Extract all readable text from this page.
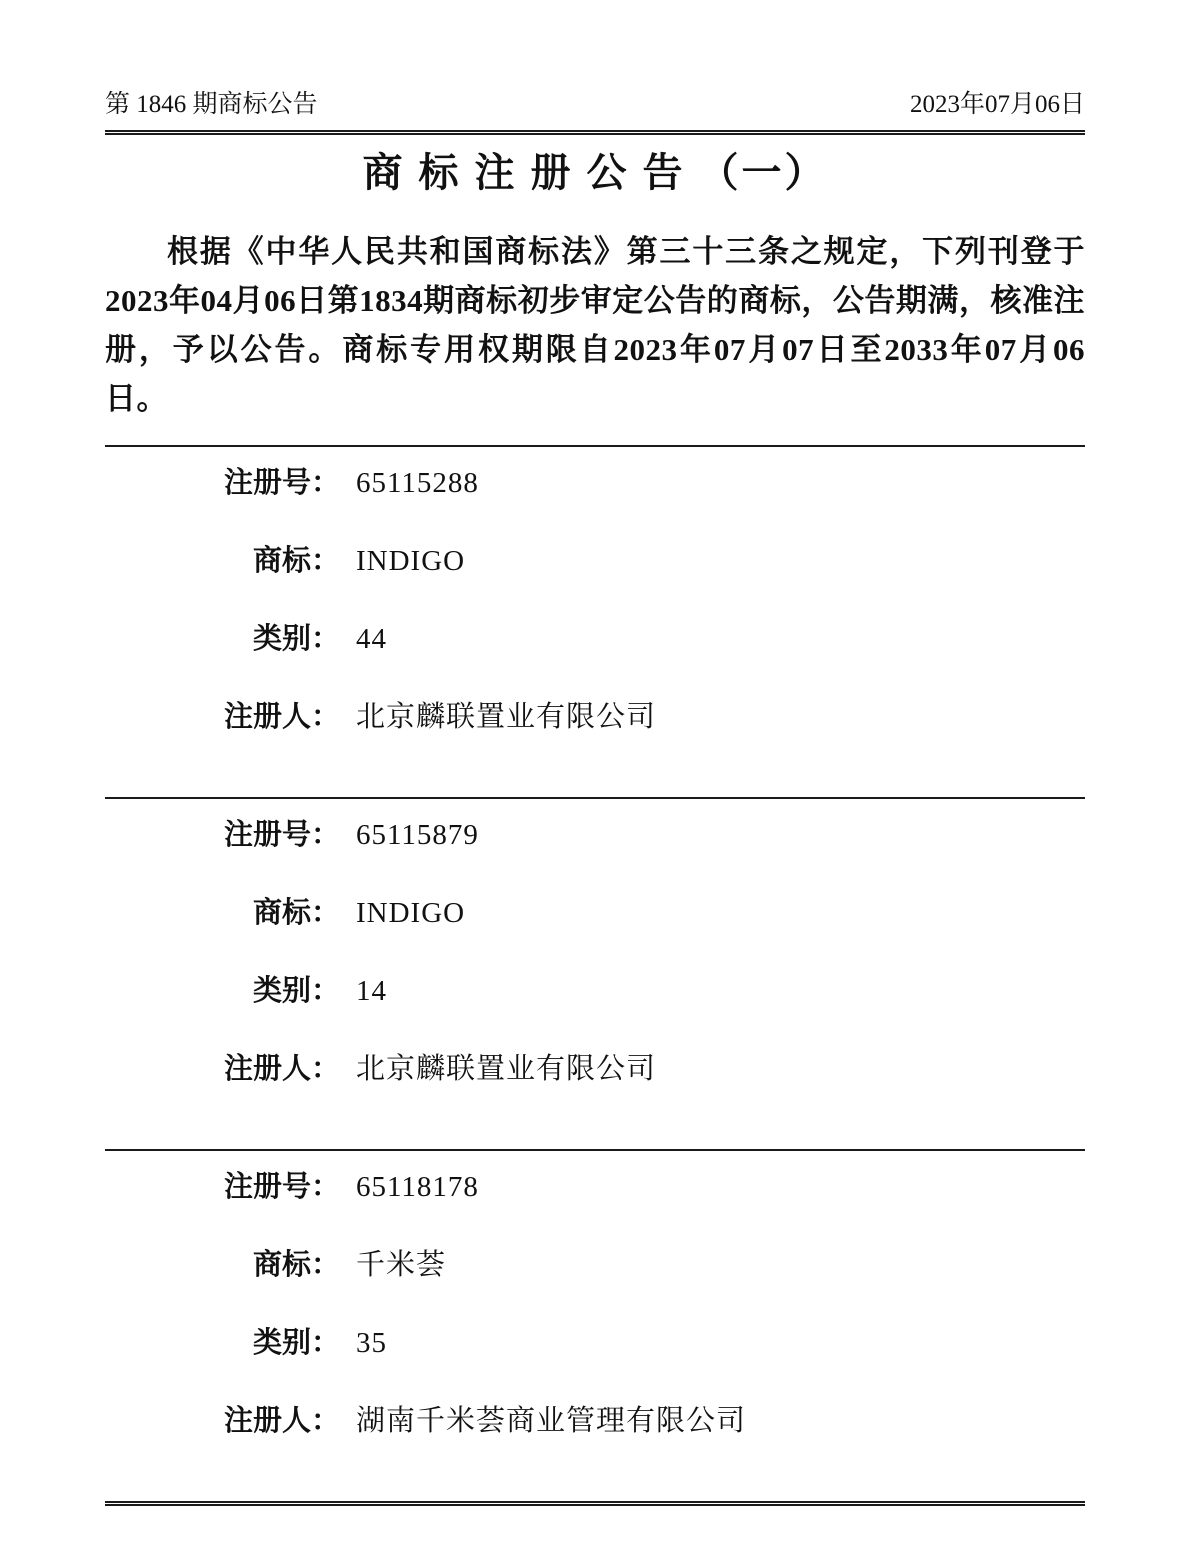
第 1846 期商标公告	2023年07月06日
商 标 注 册 公 告 （一）

根据《中华人民共和国商标法》第三十三条之规定，下列刊登于2023年04月06日第1834期商标初步审定公告的商标，公告期满，核准注册，予以公告。商标专用权期限自2023年07月07日至2033年07月06日。

注册号： 65115288
商标： INDIGO
类别： 44
注册人： 北京麟联置业有限公司
注册号： 65115879
商标： INDIGO
类别： 14
注册人： 北京麟联置业有限公司
注册号： 65118178
商标： 千米荟
类别： 35
注册人： 湖南千米荟商业管理有限公司
